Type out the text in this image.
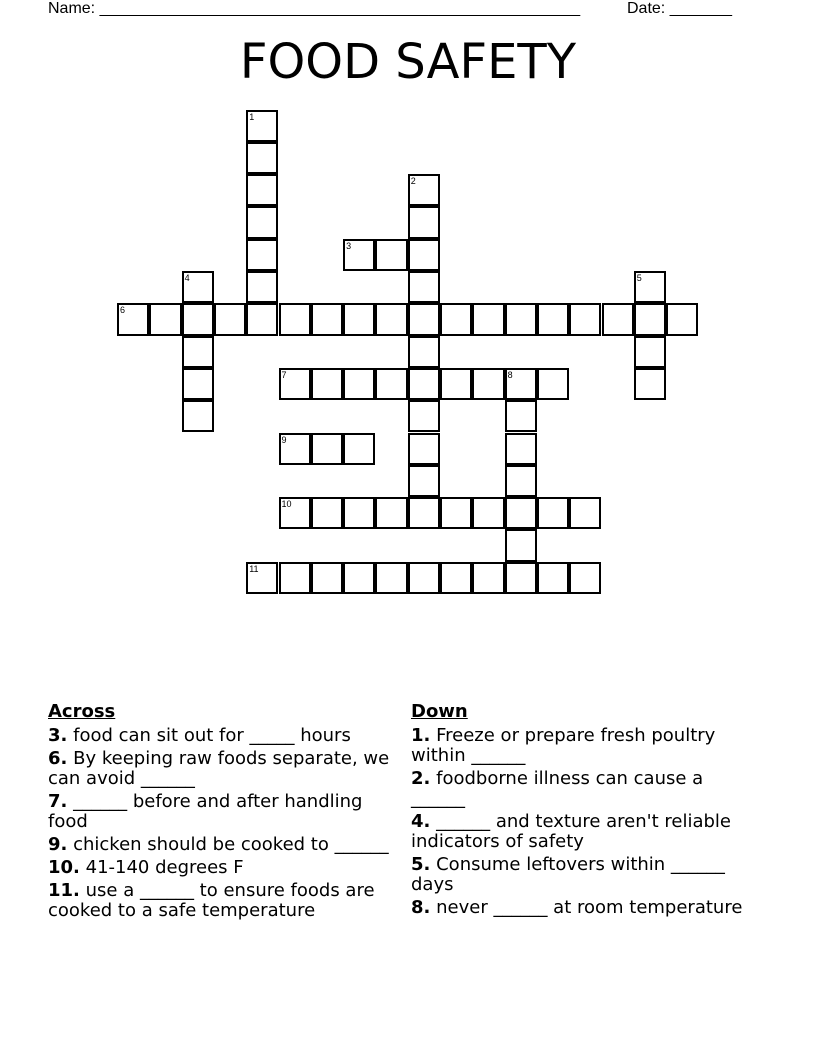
Name: ______________________________________________________	Date: _______
FOOD SAFETY
1
2
3
4	5
6
7	8
9
10
11
Across
3. food can sit out for _____ hours
6. By keeping raw foods separate, we can avoid ______
7. ______ before and after handling food
9. chicken should be cooked to ______
10. 41-140 degrees F
11. use a ______ to ensure foods are cooked to a safe temperature
Down
1. Freeze or prepare fresh poultry within ______
2. foodborne illness can cause a ______
4. ______ and texture aren't reliable indicators of safety
5. Consume leftovers within ______ days
8. never ______ at room temperature
